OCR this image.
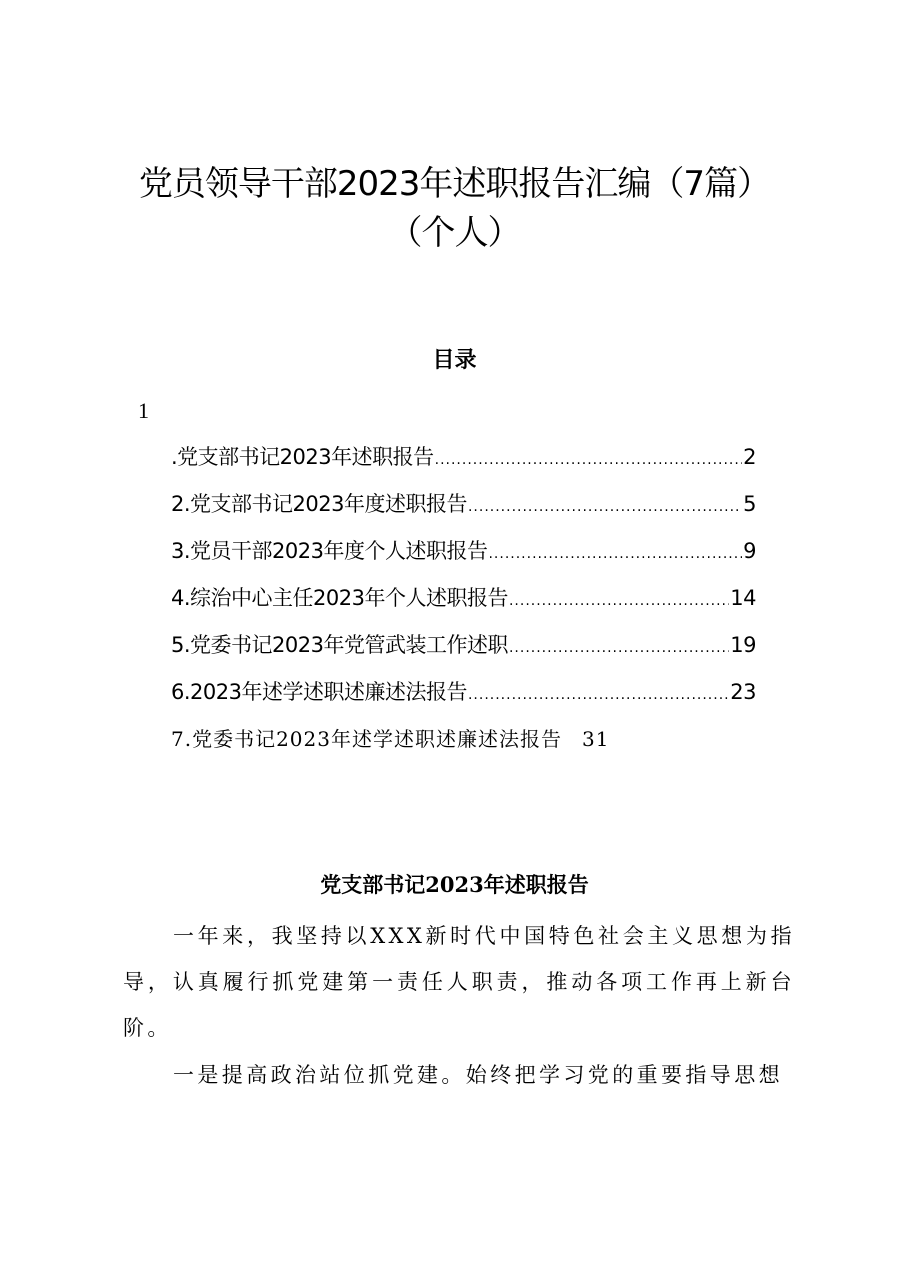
党员领导干部2023年述职报告汇编（7篇）
（个人）
目录
1
.党支部书记2023年述职报告 .....	2
2.党支部书记2023年度述职报告 .....	5
3.党员干部2023年度个人述职报告 .....	9
4.综治中心主任2023年个人述职报告 .....	14
5.党委书记2023年党管武装工作述职 .....	19
6.2023年述学述职述廉述法报告 .....	23
7.党委书记2023年述学述职述廉述法报告 31
党支部书记2023年述职报告

一年来，我坚持以XXX新时代中国特色社会主义思想为指导，认真履行抓党建第一责任人职责，推动各项工作再上新台阶。

一是提高政治站位抓党建。始终把学习党的重要指导思想
